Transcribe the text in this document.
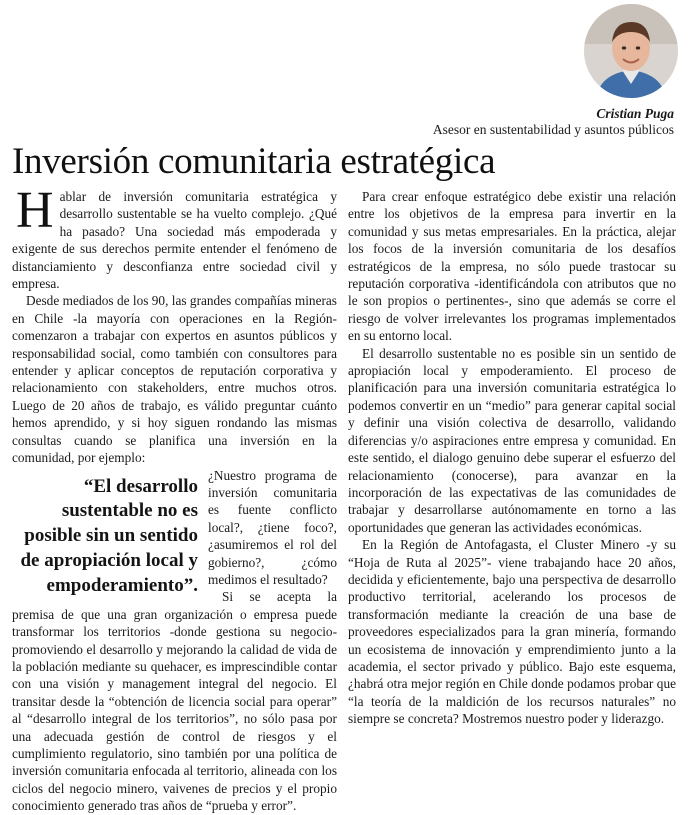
Cristian Puga
Asesor en sustentabilidad y asuntos públicos
Inversión comunitaria estratégica

Hablar de inversión comunitaria estratégica y desarrollo sustentable se ha vuelto complejo. ¿Qué ha pasado? Una sociedad más empoderada y exigente de sus derechos permite entender el fenómeno de distanciamiento y desconfianza entre sociedad civil y empresa.

Desde mediados de los 90, las grandes compañías mineras en Chile -la mayoría con operaciones en la Región- comenzaron a trabajar con expertos en asuntos públicos y responsabilidad social, como también con consultores para entender y aplicar conceptos de reputación corporativa y relacionamiento con stakeholders, entre muchos otros. Luego de 20 años de trabajo, es válido preguntar cuánto hemos aprendido, y si hoy siguen rondando las mismas consultas cuando se planifica una inversión en la comunidad, por ejemplo:

“El desarrollo sustentable no es posible sin un sentido de apropiación local y empoderamiento”.

¿Nuestro programa de inversión comunitaria es fuente conflicto local?, ¿tiene foco?, ¿asumiremos el rol del gobierno?, ¿cómo medimos el resultado?

Si se acepta la premisa de que una gran organización o empresa puede transformar los territorios -donde gestiona su negocio- promoviendo el desarrollo y mejorando la calidad de vida de la población mediante su quehacer, es imprescindible contar con una visión y management integral del negocio. El transitar desde la “obtención de licencia social para operar” al “desarrollo integral de los territorios”, no sólo pasa por una adecuada gestión de control de riesgos y el cumplimiento regulatorio, sino también por una política de inversión comunitaria enfocada al territorio, alineada con los ciclos del negocio minero, vaivenes de precios y el propio conocimiento generado tras años de “prueba y error”.

Para crear enfoque estratégico debe existir una relación entre los objetivos de la empresa para invertir en la comunidad y sus metas empresariales. En la práctica, alejar los focos de la inversión comunitaria de los desafíos estratégicos de la empresa, no sólo puede trastocar su reputación corporativa -identificándola con atributos que no le son propios o pertinentes-, sino que además se corre el riesgo de volver irrelevantes los programas implementados en su entorno local.

El desarrollo sustentable no es posible sin un sentido de apropiación local y empoderamiento. El proceso de planificación para una inversión comunitaria estratégica lo podemos convertir en un “medio” para generar capital social y definir una visión colectiva de desarrollo, validando diferencias y/o aspiraciones entre empresa y comunidad. En este sentido, el dialogo genuino debe superar el esfuerzo del relacionamiento (conocerse), para avanzar en la incorporación de las expectativas de las comunidades de trabajar y desarrollarse autónomamente en torno a las oportunidades que generan las actividades económicas.

En la Región de Antofagasta, el Cluster Minero -y su “Hoja de Ruta al 2025”- viene trabajando hace 20 años, decidida y eficientemente, bajo una perspectiva de desarrollo productivo territorial, acelerando los procesos de transformación mediante la creación de una base de proveedores especializados para la gran minería, formando un ecosistema de innovación y emprendimiento junto a la academia, el sector privado y público. Bajo este esquema, ¿habrá otra mejor región en Chile donde podamos probar que “la teoría de la maldición de los recursos naturales” no siempre se concreta? Mostremos nuestro poder y liderazgo.
